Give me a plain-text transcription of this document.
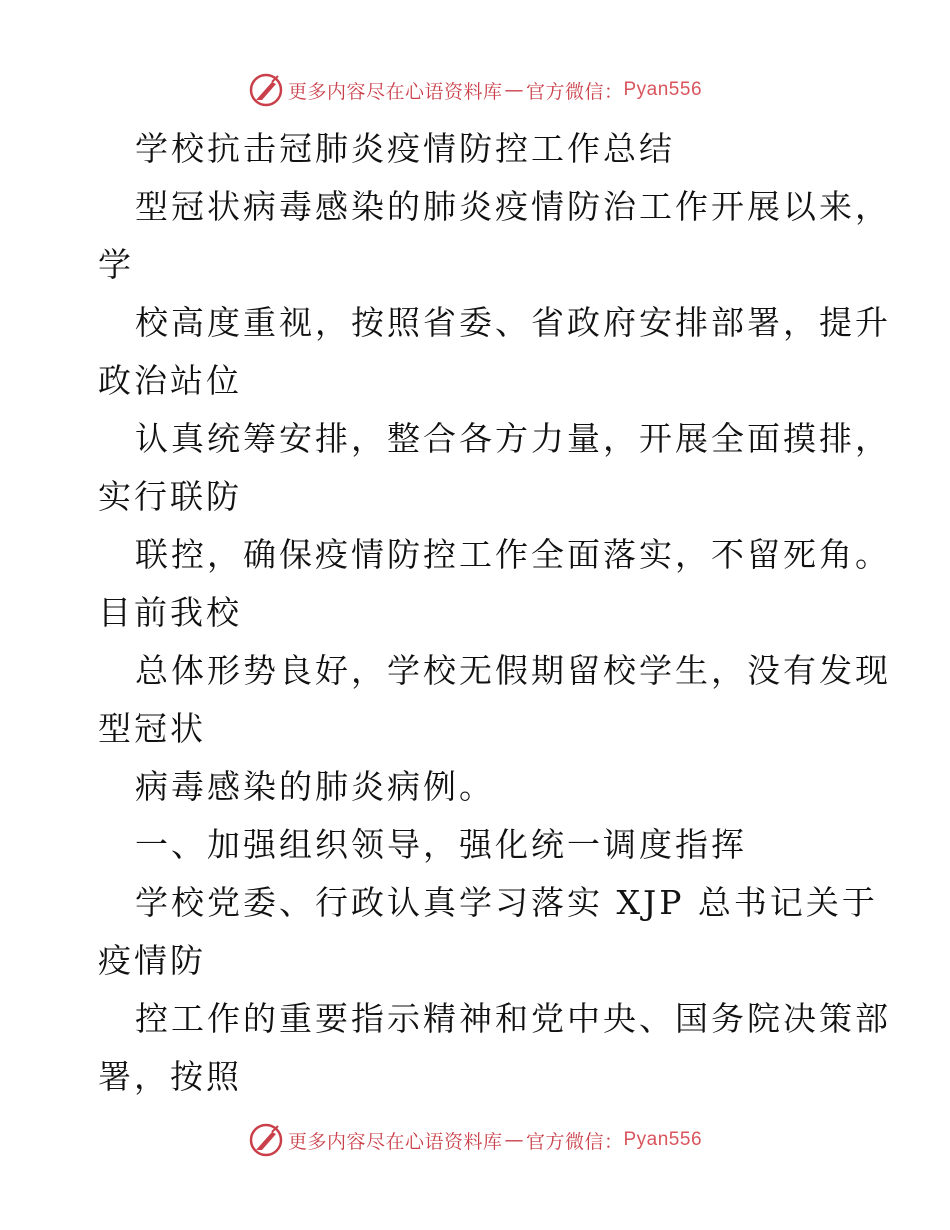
更多内容尽在心语资料库 — 官方微信： Pyan556
学校抗击冠肺炎疫情防控工作总结
型冠状病毒感染的肺炎疫情防治工作开展以来，
学
校高度重视，按照省委、省政府安排部署，提升
政治站位
认真统筹安排，整合各方力量，开展全面摸排，
实行联防
联控，确保疫情防控工作全面落实，不留死角。
目前我校
总体形势良好，学校无假期留校学生，没有发现
型冠状
病毒感染的肺炎病例。
一、加强组织领导，强化统一调度指挥
学校党委、行政认真学习落实 XJP 总书记关于
疫情防
控工作的重要指示精神和党中央、国务院决策部
署，按照
更多内容尽在心语资料库 — 官方微信： Pyan556
